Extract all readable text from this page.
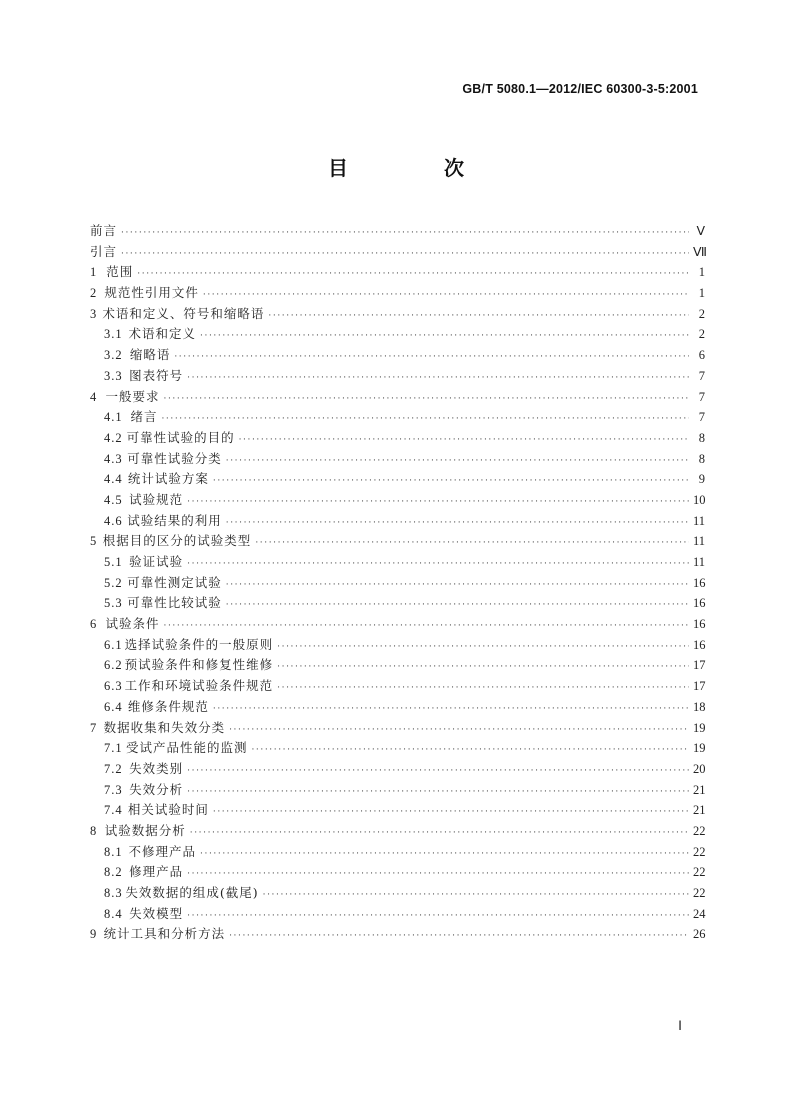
GB/T 5080.1—2012/IEC 60300-3-5:2001
目　次
前言 ·····	Ⅴ
引言 ·····	Ⅶ
1 范围 ·····	1
2 规范性引用文件 ·····	1
3 术语和定义、符号和缩略语 ·····	2
3.1 术语和定义 ·····	2
3.2 缩略语 ·····	6
3.3 图表符号 ·····	7
4 一般要求 ·····	7
4.1 绪言 ·····	7
4.2 可靠性试验的目的 ·····	8
4.3 可靠性试验分类 ·····	8
4.4 统计试验方案 ·····	9
4.5 试验规范 ·····	10
4.6 试验结果的利用 ·····	11
5 根据目的区分的试验类型 ·····	11
5.1 验证试验 ·····	11
5.2 可靠性测定试验 ·····	16
5.3 可靠性比较试验 ·····	16
6 试验条件 ·····	16
6.1 选择试验条件的一般原则 ·····	16
6.2 预试验条件和修复性维修 ·····	17
6.3 工作和环境试验条件规范 ·····	17
6.4 维修条件规范 ·····	18
7 数据收集和失效分类 ·····	19
7.1 受试产品性能的监测 ·····	19
7.2 失效类别 ·····	20
7.3 失效分析 ·····	21
7.4 相关试验时间 ·····	21
8 试验数据分析 ·····	22
8.1 不修理产品 ·····	22
8.2 修理产品 ·····	22
8.3 失效数据的组成(截尾) ·····	22
8.4 失效模型 ·····	24
9 统计工具和分析方法 ·····	26
Ⅰ
